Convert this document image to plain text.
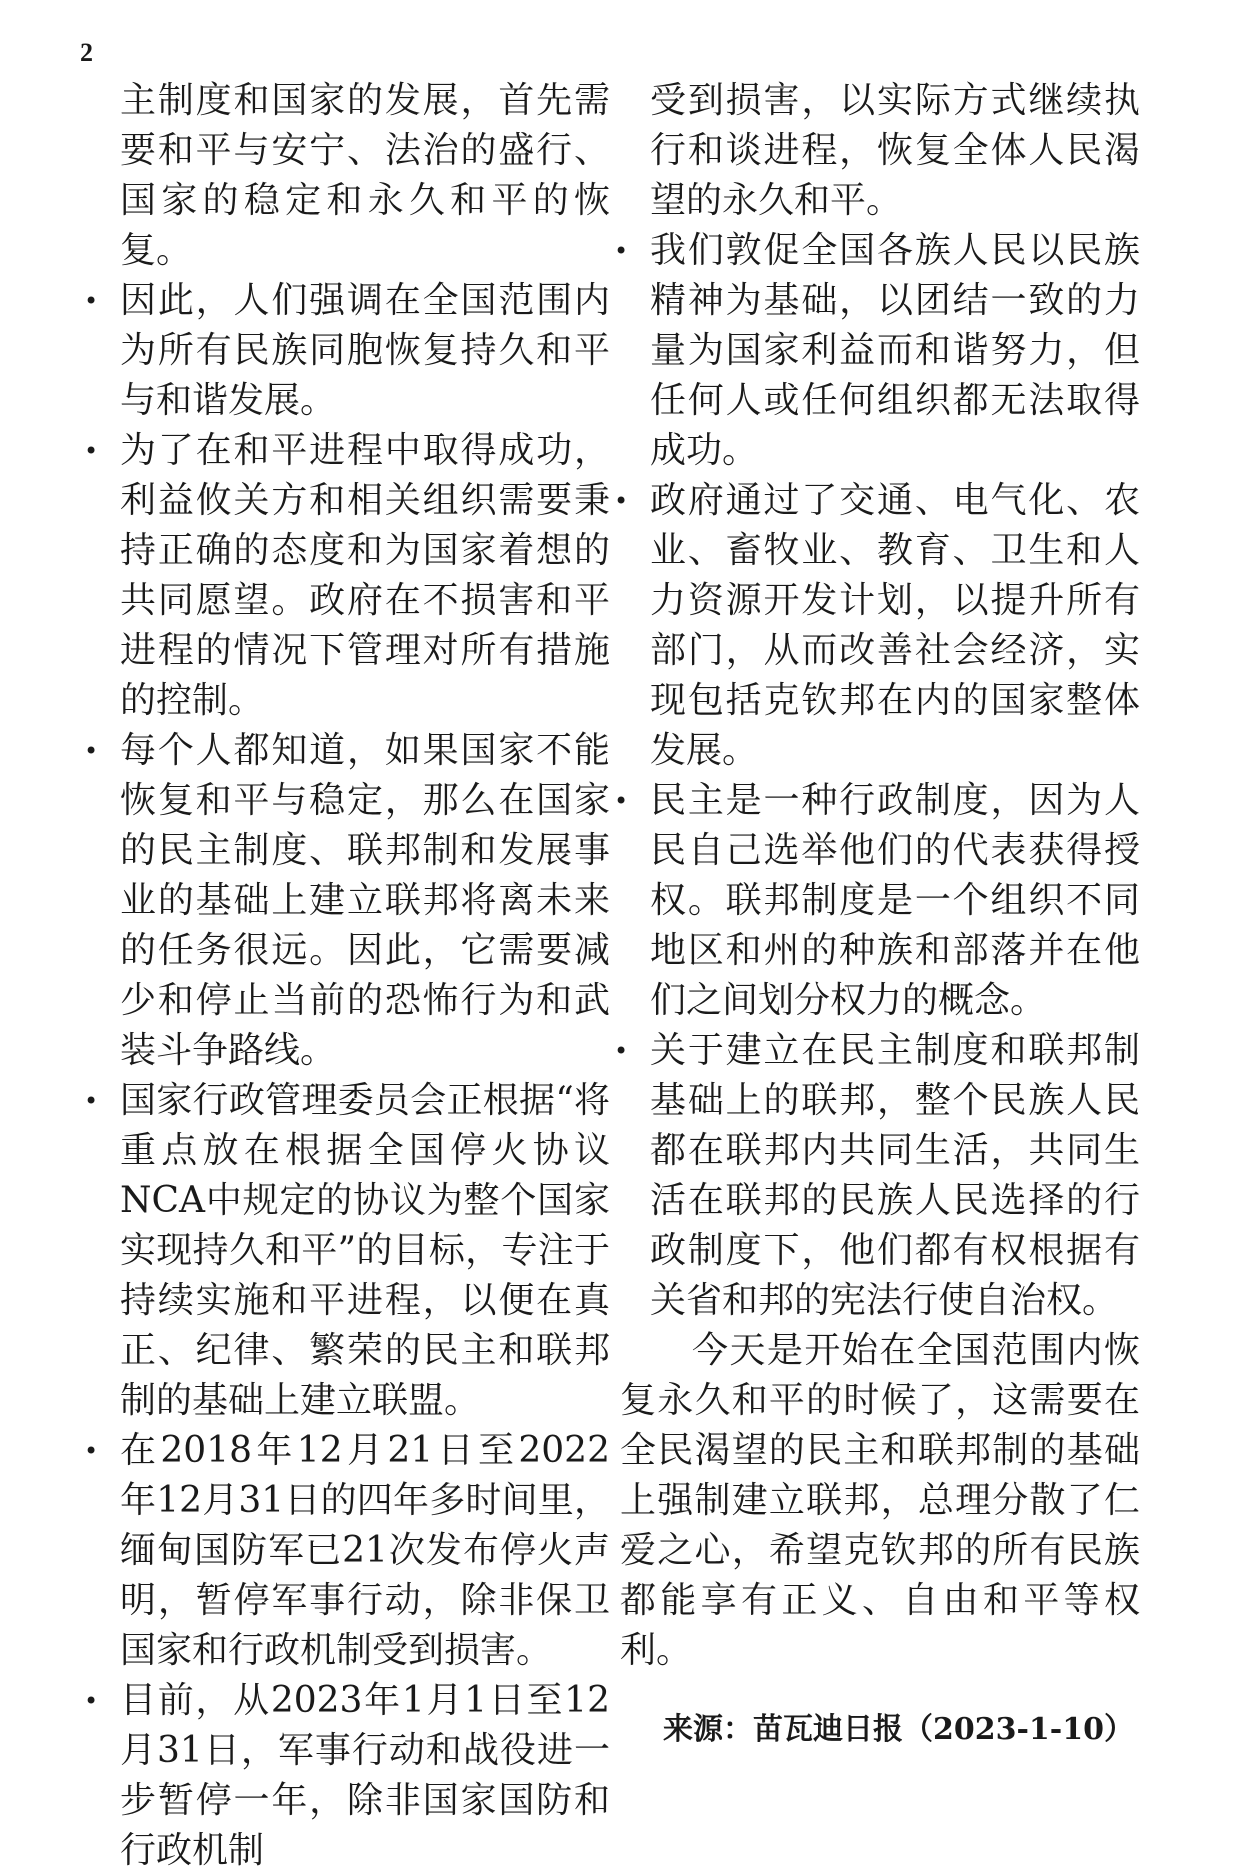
2

主制度和国家的发展，首先需要和平与安宁、法治的盛行、国家的稳定和永久和平的恢复。

• 因此，人们强调在全国范围内为所有民族同胞恢复持久和平与和谐发展。
• 为了在和平进程中取得成功，利益攸关方和相关组织需要秉持正确的态度和为国家着想的共同愿望。政府在不损害和平进程的情况下管理对所有措施的控制。
• 每个人都知道，如果国家不能恢复和平与稳定，那么在国家的民主制度、联邦制和发展事业的基础上建立联邦将离未来的任务很远。因此，它需要减少和停止当前的恐怖行为和武装斗争路线。
• 国家行政管理委员会正根据“将重点放在根据全国停火协议NCA中规定的协议为整个国家实现持久和平”的目标，专注于持续实施和平进程，以便在真正、纪律、繁荣的民主和联邦制的基础上建立联盟。
• 在2018年12月21日至2022年12月31日的四年多时间里，缅甸国防军已21次发布停火声明，暂停军事行动，除非保卫国家和行政机制受到损害。
• 目前，从2023年1月1日至12月31日，军事行动和战役进一步暂停一年，除非国家国防和行政机制

受到损害，以实际方式继续执行和谈进程，恢复全体人民渴望的永久和平。

• 我们敦促全国各族人民以民族精神为基础，以团结一致的力量为国家利益而和谐努力，但任何人或任何组织都无法取得成功。
• 政府通过了交通、电气化、农业、畜牧业、教育、卫生和人力资源开发计划，以提升所有部门，从而改善社会经济，实现包括克钦邦在内的国家整体发展。
• 民主是一种行政制度，因为人民自己选举他们的代表获得授权。联邦制度是一个组织不同地区和州的种族和部落并在他们之间划分权力的概念。
• 关于建立在民主制度和联邦制基础上的联邦，整个民族人民都在联邦内共同生活，共同生活在联邦的民族人民选择的行政制度下，他们都有权根据有关省和邦的宪法行使自治权。

今天是开始在全国范围内恢复永久和平的时候了，这需要在全民渴望的民主和联邦制的基础上强制建立联邦，总理分散了仁爱之心，希望克钦邦的所有民族都能享有正义、自由和平等权利。

来源：苗瓦迪日报（2023-1-10）
